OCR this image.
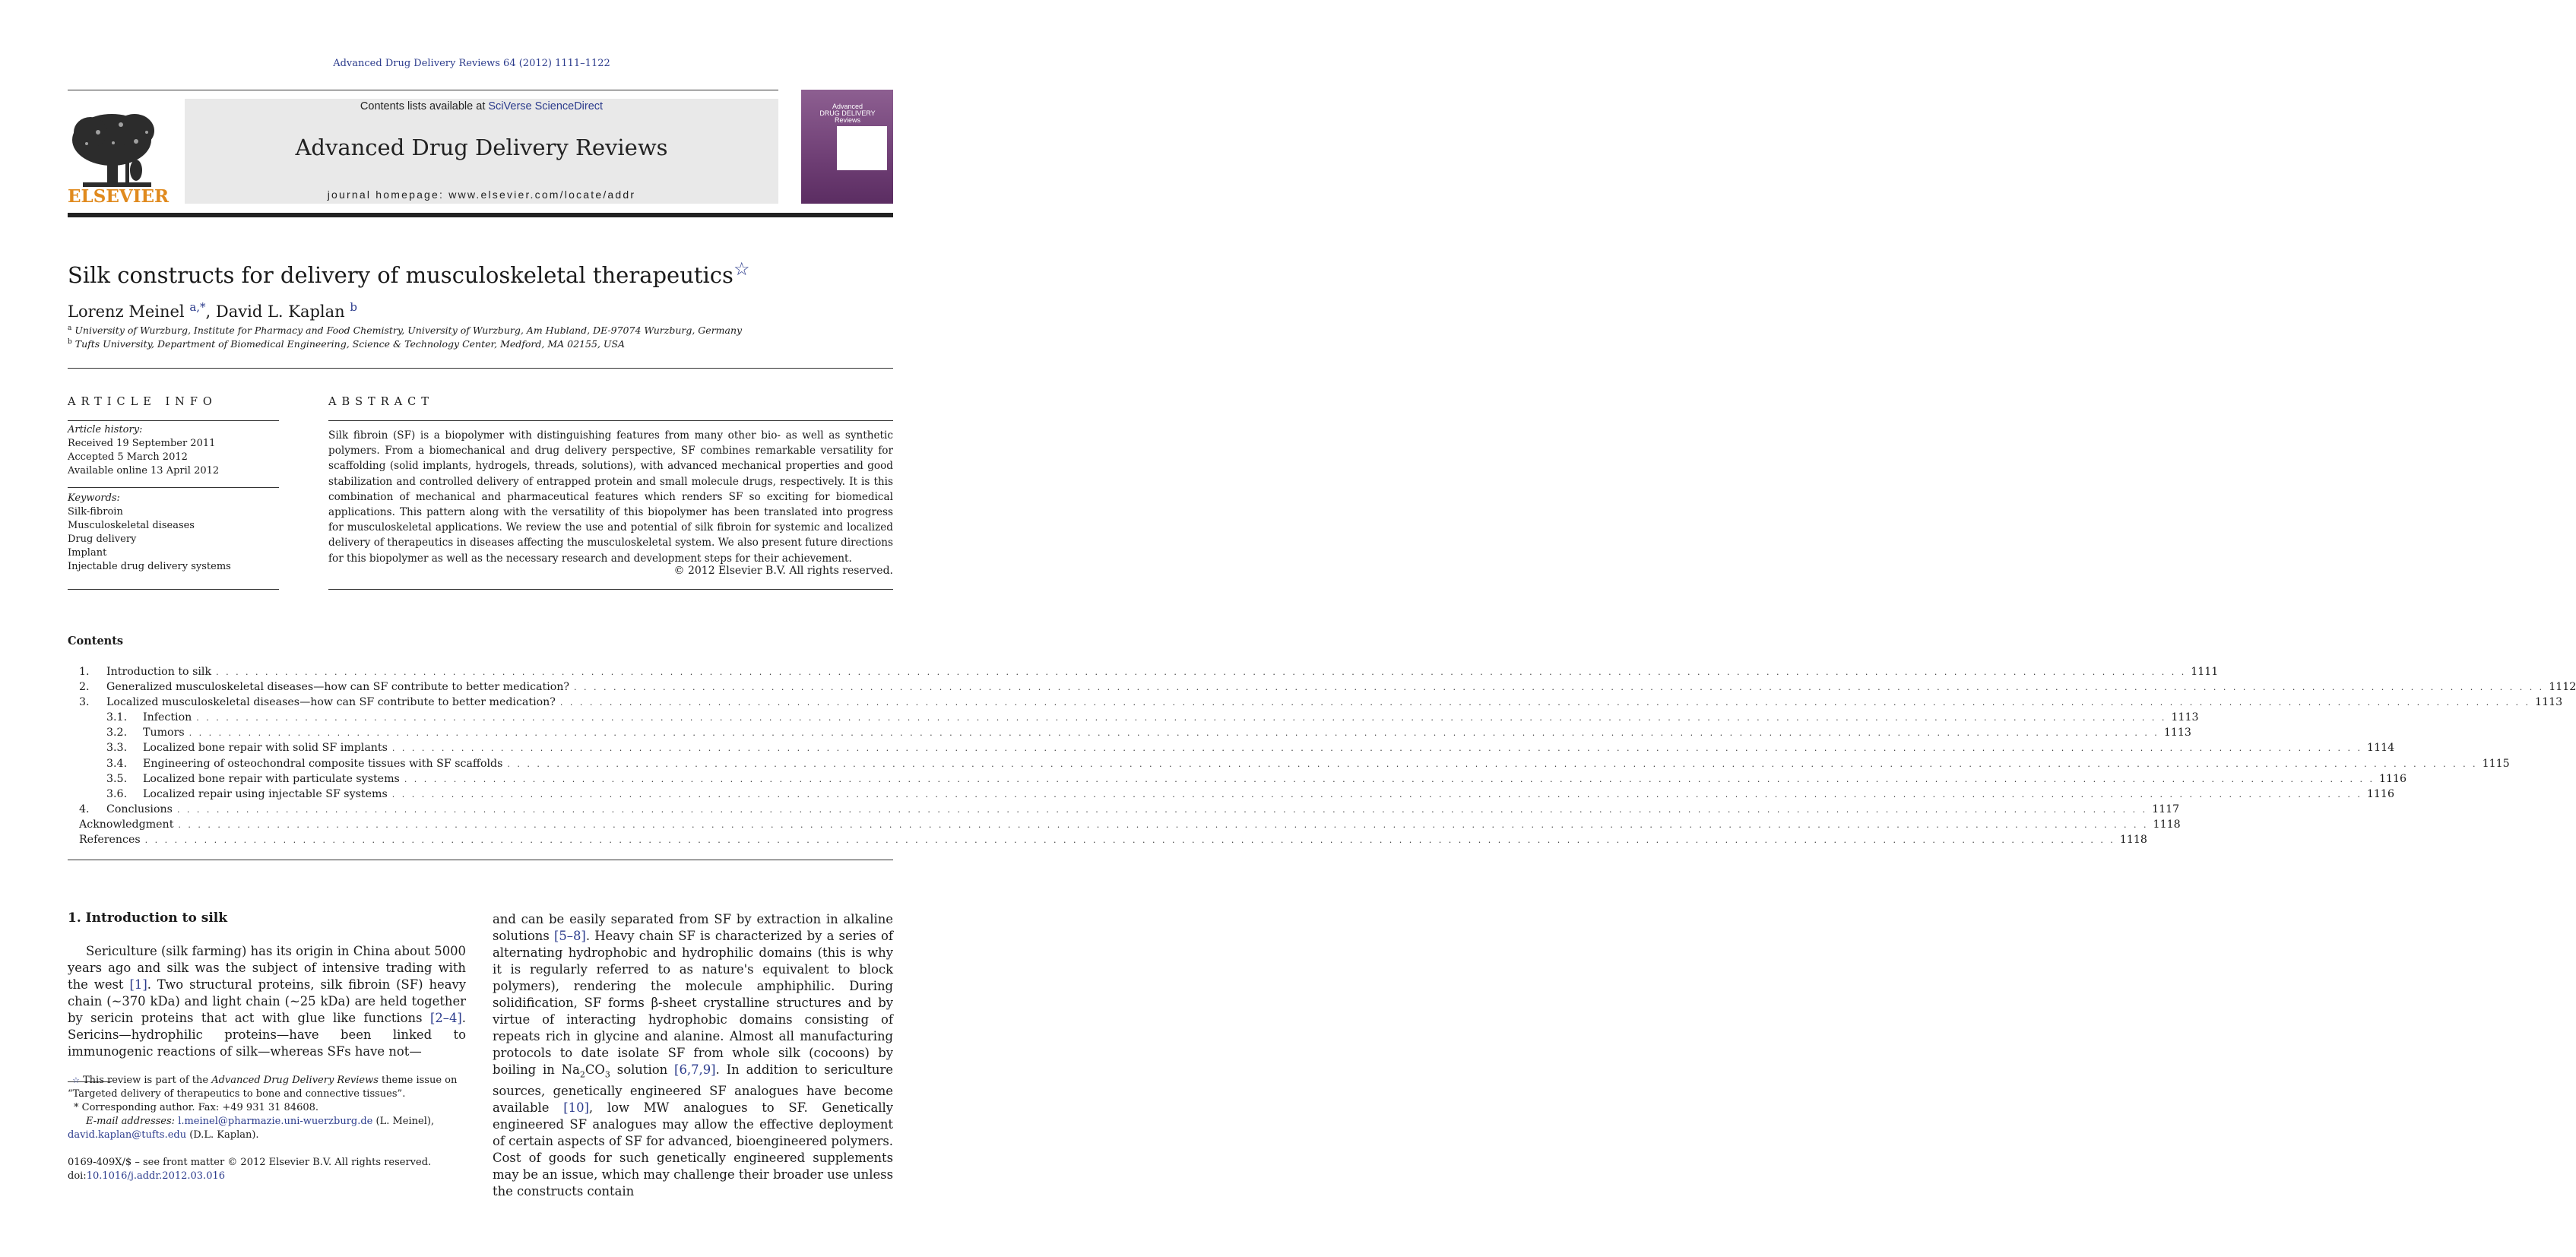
Advanced Drug Delivery Reviews 64 (2012) 1111–1122
ELSEVIER
Contents lists available at SciVerse ScienceDirect
Advanced Drug Delivery Reviews
journal homepage: www.elsevier.com/locate/addr
Advanced
DRUG DELIVERY
Reviews
Silk constructs for delivery of musculoskeletal therapeutics☆
Lorenz Meinel $^{a,*}$, David L. Kaplan $^b$
$^a$ University of Wurzburg, Institute for Pharmacy and Food Chemistry, University of Wurzburg, Am Hubland, DE-97074 Wurzburg, Germany
$^b$ Tufts University, Department of Biomedical Engineering, Science & Technology Center, Medford, MA 02155, USA
ARTICLE INFO
Article history:
Received 19 September 2011
Accepted 5 March 2012
Available online 13 April 2012
Keywords:
Silk-fibroin
Musculoskeletal diseases
Drug delivery
Implant
Injectable drug delivery systems
ABSTRACT
Silk fibroin (SF) is a biopolymer with distinguishing features from many other bio- as well as synthetic polymers. From a biomechanical and drug delivery perspective, SF combines remarkable versatility for scaffolding (solid implants, hydrogels, threads, solutions), with advanced mechanical properties and good stabilization and controlled delivery of entrapped protein and small molecule drugs, respectively. It is this combination of mechanical and pharmaceutical features which renders SF so exciting for biomedical applications. This pattern along with the versatility of this biopolymer has been translated into progress for musculoskeletal applications. We review the use and potential of silk fibroin for systemic and localized delivery of therapeutics in diseases affecting the musculoskeletal system. We also present future directions for this biopolymer as well as the necessary research and development steps for their achievement.
© 2012 Elsevier B.V. All rights reserved.
Contents
1.	Introduction to silk . . . . . . . . . . . . . . . . . . . . . . . . . . . . . . . . . . . . . . . . . . . . . . . . . . . . . . . . . . . . . . . . . . . . . . . . . . . . . . . . . . . . . . . . . . . . . . . . . . . . . . . . . . . . . . . . . . . . . . . . . . . . . . . . . . . . . . . . . . . . . . . . . . . . . . . . . . . . . . . . . . . . . . . . . . . . . . . . . . . . . . . . . . . . . . . . . . . . . . . . 1111
2.	Generalized musculoskeletal diseases—how can SF contribute to better medication? . . . . . . . . . . . . . . . . . . . . . . . . . . . . . . . . . . . . . . . . . . . . . . . . . . . . . . . . . . . . . . . . . . . . . . . . . . . . . . . . . . . . . . . . . . . . . . . . . . . . . . . . . . . . . . . . . . . . . . . . . . . . . . . . . . . . . . . . . . . . . . . . . . . . . . . . . . . . . . . . . . . . . . . . . . . . . . . . . . . . . . . . . . . . . . . . . . . . . . . . 1112
3.	Localized musculoskeletal diseases—how can SF contribute to better medication? . . . . . . . . . . . . . . . . . . . . . . . . . . . . . . . . . . . . . . . . . . . . . . . . . . . . . . . . . . . . . . . . . . . . . . . . . . . . . . . . . . . . . . . . . . . . . . . . . . . . . . . . . . . . . . . . . . . . . . . . . . . . . . . . . . . . . . . . . . . . . . . . . . . . . . . . . . . . . . . . . . . . . . . . . . . . . . . . . . . . . . . . . . . . . . . . . . . . . . . . 1113
3.1.	Infection . . . . . . . . . . . . . . . . . . . . . . . . . . . . . . . . . . . . . . . . . . . . . . . . . . . . . . . . . . . . . . . . . . . . . . . . . . . . . . . . . . . . . . . . . . . . . . . . . . . . . . . . . . . . . . . . . . . . . . . . . . . . . . . . . . . . . . . . . . . . . . . . . . . . . . . . . . . . . . . . . . . . . . . . . . . . . . . . . . . . . . . . . . . . . . . . . . . . . . . . 1113
3.2.	Tumors . . . . . . . . . . . . . . . . . . . . . . . . . . . . . . . . . . . . . . . . . . . . . . . . . . . . . . . . . . . . . . . . . . . . . . . . . . . . . . . . . . . . . . . . . . . . . . . . . . . . . . . . . . . . . . . . . . . . . . . . . . . . . . . . . . . . . . . . . . . . . . . . . . . . . . . . . . . . . . . . . . . . . . . . . . . . . . . . . . . . . . . . . . . . . . . . . . . . . . . . 1113
3.3.	Localized bone repair with solid SF implants . . . . . . . . . . . . . . . . . . . . . . . . . . . . . . . . . . . . . . . . . . . . . . . . . . . . . . . . . . . . . . . . . . . . . . . . . . . . . . . . . . . . . . . . . . . . . . . . . . . . . . . . . . . . . . . . . . . . . . . . . . . . . . . . . . . . . . . . . . . . . . . . . . . . . . . . . . . . . . . . . . . . . . . . . . . . . . . . . . . . . . . . . . . . . . . . . . . . . . . . 1114
3.4.	Engineering of osteochondral composite tissues with SF scaffolds . . . . . . . . . . . . . . . . . . . . . . . . . . . . . . . . . . . . . . . . . . . . . . . . . . . . . . . . . . . . . . . . . . . . . . . . . . . . . . . . . . . . . . . . . . . . . . . . . . . . . . . . . . . . . . . . . . . . . . . . . . . . . . . . . . . . . . . . . . . . . . . . . . . . . . . . . . . . . . . . . . . . . . . . . . . . . . . . . . . . . . . . . . . . . . . . . . . . . . . . 1115
3.5.	Localized bone repair with particulate systems . . . . . . . . . . . . . . . . . . . . . . . . . . . . . . . . . . . . . . . . . . . . . . . . . . . . . . . . . . . . . . . . . . . . . . . . . . . . . . . . . . . . . . . . . . . . . . . . . . . . . . . . . . . . . . . . . . . . . . . . . . . . . . . . . . . . . . . . . . . . . . . . . . . . . . . . . . . . . . . . . . . . . . . . . . . . . . . . . . . . . . . . . . . . . . . . . . . . . . . . 1116
3.6.	Localized repair using injectable SF systems . . . . . . . . . . . . . . . . . . . . . . . . . . . . . . . . . . . . . . . . . . . . . . . . . . . . . . . . . . . . . . . . . . . . . . . . . . . . . . . . . . . . . . . . . . . . . . . . . . . . . . . . . . . . . . . . . . . . . . . . . . . . . . . . . . . . . . . . . . . . . . . . . . . . . . . . . . . . . . . . . . . . . . . . . . . . . . . . . . . . . . . . . . . . . . . . . . . . . . . . 1116
4.	Conclusions . . . . . . . . . . . . . . . . . . . . . . . . . . . . . . . . . . . . . . . . . . . . . . . . . . . . . . . . . . . . . . . . . . . . . . . . . . . . . . . . . . . . . . . . . . . . . . . . . . . . . . . . . . . . . . . . . . . . . . . . . . . . . . . . . . . . . . . . . . . . . . . . . . . . . . . . . . . . . . . . . . . . . . . . . . . . . . . . . . . . . . . . . . . . . . . . . . . . . . . . 1117
Acknowledgment . . . . . . . . . . . . . . . . . . . . . . . . . . . . . . . . . . . . . . . . . . . . . . . . . . . . . . . . . . . . . . . . . . . . . . . . . . . . . . . . . . . . . . . . . . . . . . . . . . . . . . . . . . . . . . . . . . . . . . . . . . . . . . . . . . . . . . . . . . . . . . . . . . . . . . . . . . . . . . . . . . . . . . . . . . . . . . . . . . . . . . . . . . . . . . . . . . . . . . . . 1118
References . . . . . . . . . . . . . . . . . . . . . . . . . . . . . . . . . . . . . . . . . . . . . . . . . . . . . . . . . . . . . . . . . . . . . . . . . . . . . . . . . . . . . . . . . . . . . . . . . . . . . . . . . . . . . . . . . . . . . . . . . . . . . . . . . . . . . . . . . . . . . . . . . . . . . . . . . . . . . . . . . . . . . . . . . . . . . . . . . . . . . . . . . . . . . . . . . . . . . . . . 1118
1. Introduction to silk
Sericulture (silk farming) has its origin in China about 5000 years ago and silk was the subject of intensive trading with the west [1]. Two structural proteins, silk fibroin (SF) heavy chain (~370 kDa) and light chain (~25 kDa) are held together by sericin proteins that act with glue like functions [2–4]. Sericins—hydrophilic proteins—have been linked to immunogenic reactions of silk—whereas SFs have not—
and can be easily separated from SF by extraction in alkaline solutions [5–8]. Heavy chain SF is characterized by a series of alternating hydrophobic and hydrophilic domains (this is why it is regularly referred to as nature's equivalent to block polymers), rendering the molecule amphiphilic. During solidification, SF forms β-sheet crystalline structures and by virtue of interacting hydrophobic domains consisting of repeats rich in glycine and alanine. Almost all manufacturing protocols to date isolate SF from whole silk (cocoons) by boiling in $Na_2CO_3$ solution [6,7,9]. In addition to sericulture sources, genetically engineered SF analogues have become available [10], low MW analogues to SF. Genetically engineered SF analogues may allow the effective deployment of certain aspects of SF for advanced, bioengineered polymers. Cost of goods for such genetically engineered supplements may be an issue, which may challenge their broader use unless the constructs contain
☆ This review is part of the Advanced Drug Delivery Reviews theme issue on “Targeted delivery of therapeutics to bone and connective tissues”.
* Corresponding author. Fax: +49 931 31 84608.
E-mail addresses: l.meinel@pharmazie.uni-wuerzburg.de (L. Meinel), david.kaplan@tufts.edu (D.L. Kaplan).
0169-409X/$ – see front matter © 2012 Elsevier B.V. All rights reserved.
doi:10.1016/j.addr.2012.03.016
